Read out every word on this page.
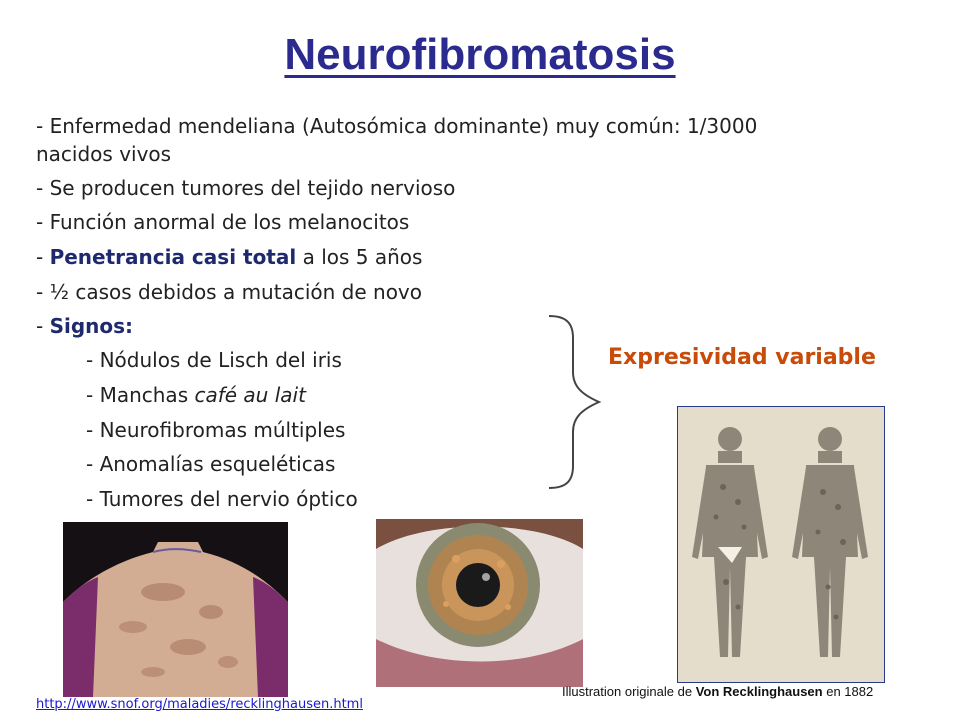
Neurofibromatosis
- Enfermedad mendeliana (Autosómica dominante) muy común: 1/3000
nacidos vivos
- Se producen tumores del tejido nervioso
- Función anormal de los melanocitos
- Penetrancia casi total a los 5 años
- ½ casos debidos a mutación de novo
- Signos:
- Nódulos de Lisch del iris
- Manchas café au lait
- Neurofibromas múltiples
- Anomalías esqueléticas
- Tumores del nervio óptico
Expresividad variable
Illustration originale de Von Recklinghausen en 1882
http://www.snof.org/maladies/recklinghausen.html
